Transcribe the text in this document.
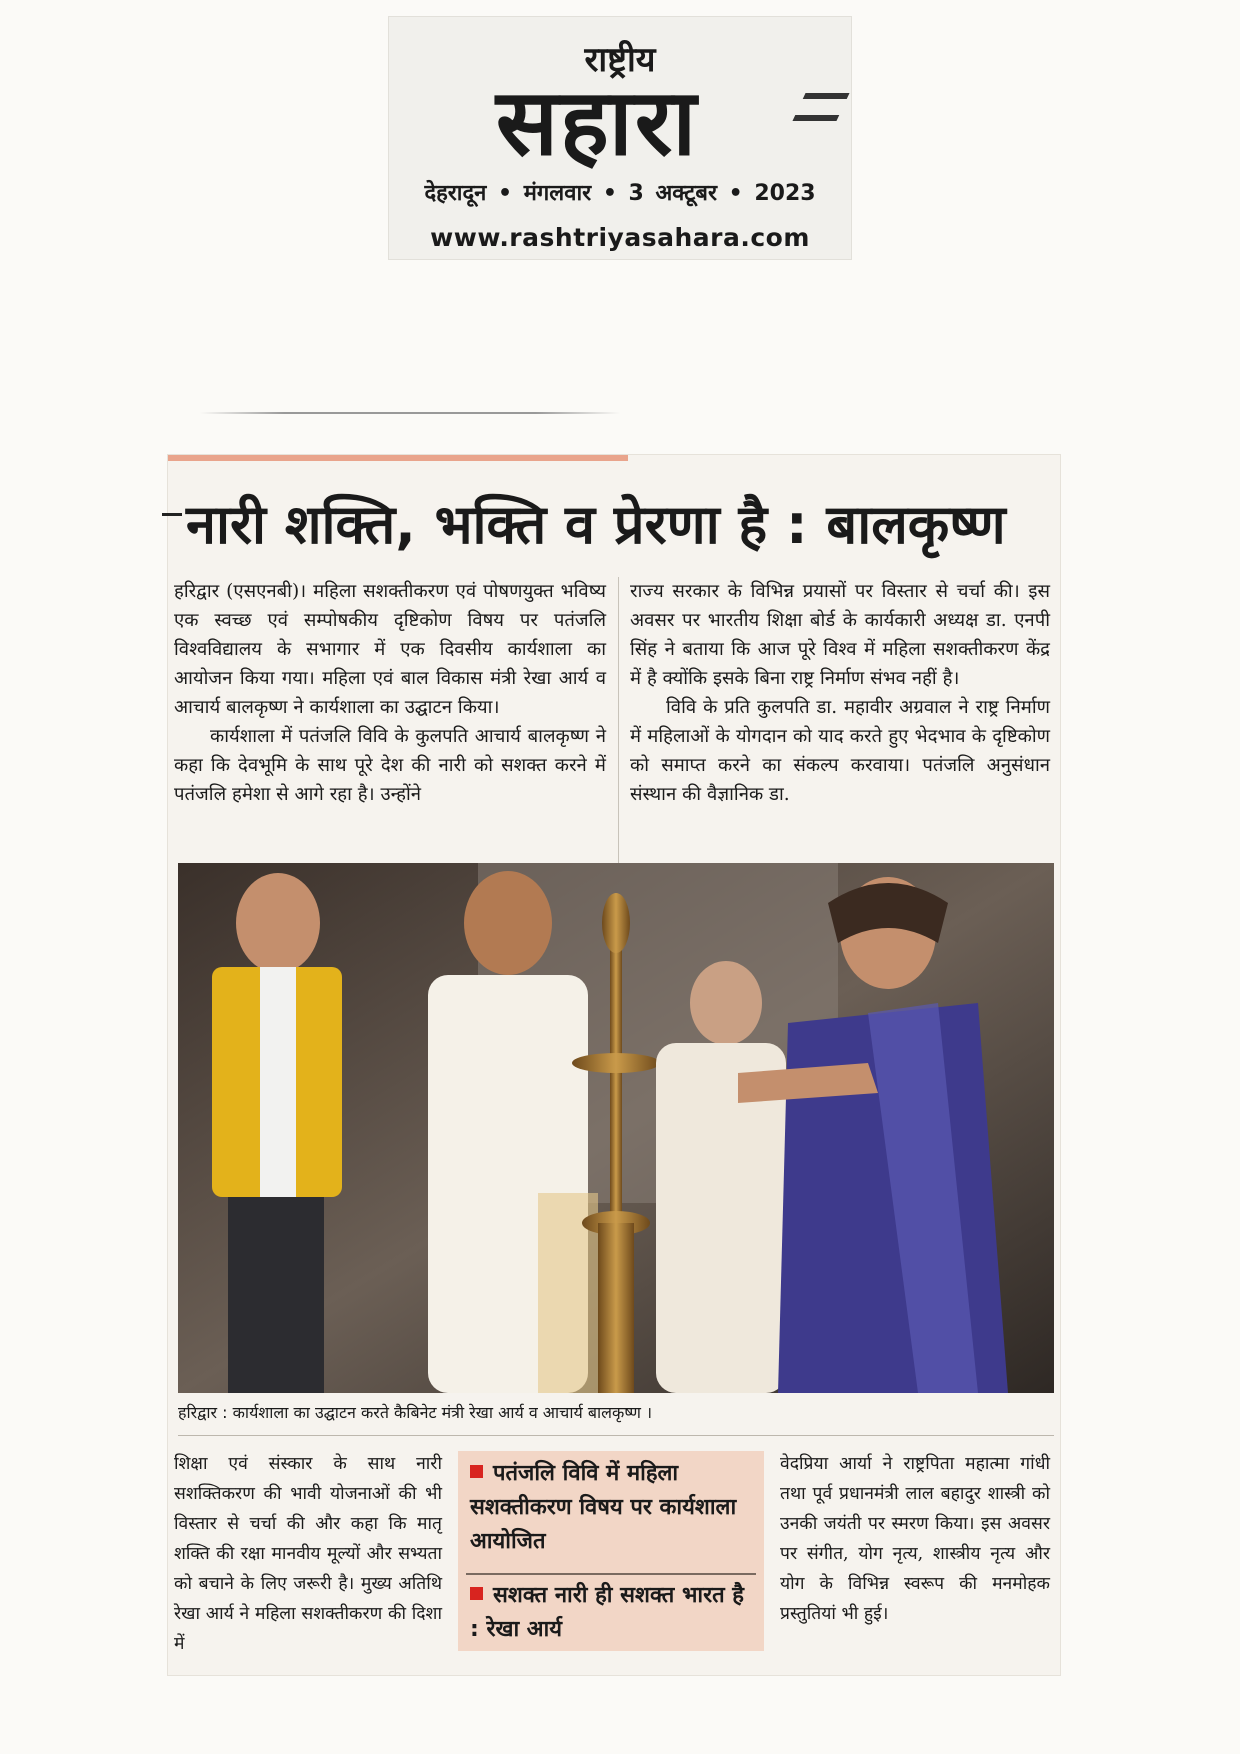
राष्ट्रीय
सहारा
देहरादून • मंगलवार • 3 अक्टूबर • 2023
www.rashtriyasahara.com
नारी शक्ति, भक्ति व प्रेरणा है : बालकृष्ण

हरिद्वार (एसएनबी)। महिला सशक्तीकरण एवं पोषणयुक्त भविष्य एक स्वच्छ एवं सम्पोषकीय दृष्टिकोण विषय पर पतंजलि विश्वविद्यालय के सभागार में एक दिवसीय कार्यशाला का आयोजन किया गया। महिला एवं बाल विकास मंत्री रेखा आर्य व आचार्य बालकृष्ण ने कार्यशाला का उद्घाटन किया।

कार्यशाला में पतंजलि विवि के कुलपति आचार्य बालकृष्ण ने कहा कि देवभूमि के साथ पूरे देश की नारी को सशक्त करने में पतंजलि हमेशा से आगे रहा है। उन्होंने

राज्य सरकार के विभिन्न प्रयासों पर विस्तार से चर्चा की। इस अवसर पर भारतीय शिक्षा बोर्ड के कार्यकारी अध्यक्ष डा. एनपी सिंह ने बताया कि आज पूरे विश्व में महिला सशक्तीकरण केंद्र में है क्योंकि इसके बिना राष्ट्र निर्माण संभव नहीं है।

विवि के प्रति कुलपति डा. महावीर अग्रवाल ने राष्ट्र निर्माण में महिलाओं के योगदान को याद करते हुए भेदभाव के दृष्टिकोण को समाप्त करने का संकल्प करवाया। पतंजलि अनुसंधान संस्थान की वैज्ञानिक डा.

हरिद्वार : कार्यशाला का उद्घाटन करते कैबिनेट मंत्री रेखा आर्य व आचार्य बालकृष्ण ।

शिक्षा एवं संस्कार के साथ नारी सशक्तिकरण की भावी योजनाओं की भी विस्तार से चर्चा की और कहा कि मातृ शक्ति की रक्षा मानवीय मूल्यों और सभ्यता को बचाने के लिए जरूरी है। मुख्य अतिथि रेखा आर्य ने महिला सशक्तीकरण की दिशा में

पतंजलि विवि में महिला सशक्तीकरण विषय पर कार्यशाला आयोजित
सशक्त नारी ही सशक्त भारत है : रेखा आर्य

वेदप्रिया आर्या ने राष्ट्रपिता महात्मा गांधी तथा पूर्व प्रधानमंत्री लाल बहादुर शास्त्री को उनकी जयंती पर स्मरण किया। इस अवसर पर संगीत, योग नृत्य, शास्त्रीय नृत्य और योग के विभिन्न स्वरूप की मनमोहक प्रस्तुतियां भी हुई।
